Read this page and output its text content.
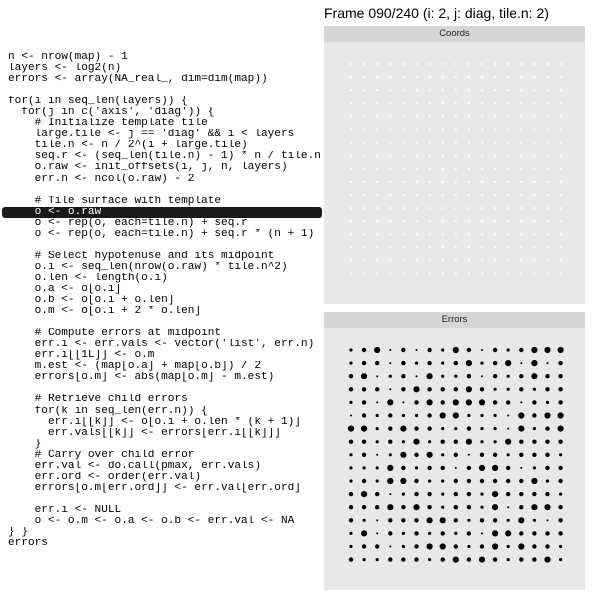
Frame 090/240 (i: 2, j: diag, tile.n: 2)
n <- nrow(map) - 1
layers <- log2(n)
errors <- array(NA_real_, dim=dim(map))
for(i in seq_len(layers)) {
for(j in c('axis', 'diag')) {
# Initialize template tile
large.tile <- j == 'diag' && i < layers
tile.n <- n / 2^(i + large.tile)
seq.r <- (seq_len(tile.n) - 1) * n / tile.n
o.raw <- init_offsets(i, j, n, layers)
err.n <- ncol(o.raw) - 2
# Tile surface with template
o <- o.raw
o <- rep(o, each=tile.n) + seq.r
o <- rep(o, each=tile.n) + seq.r * (n + 1)
# Select hypotenuse and its midpoint
o.i <- seq_len(nrow(o.raw) * tile.n^2)
o.len <- length(o.i)
o.a <- o[o.i]
o.b <- o[o.i + o.len]
o.m <- o[o.i + 2 * o.len]
# Compute errors at midpoint
err.i <- err.vals <- vector('list', err.n)
err.i[[1L]] <- o.m
m.est <- (map[o.a] + map[o.b]) / 2
errors[o.m] <- abs(map[o.m] - m.est)
# Retrieve child errors
for(k in seq_len(err.n)) {
err.i[[k]] <- o[o.i + o.len * (k + 1)]
err.vals[[k]] <- errors[err.i[[k]]]
}
# Carry over child error
err.val <- do.call(pmax, err.vals)
err.ord <- order(err.val)
errors[o.m[err.ord]] <- err.val[err.ord]
err.i <- NULL
o <- o.m <- o.a <- o.b <- err.val <- NA
} }
errors
Coords
Errors
